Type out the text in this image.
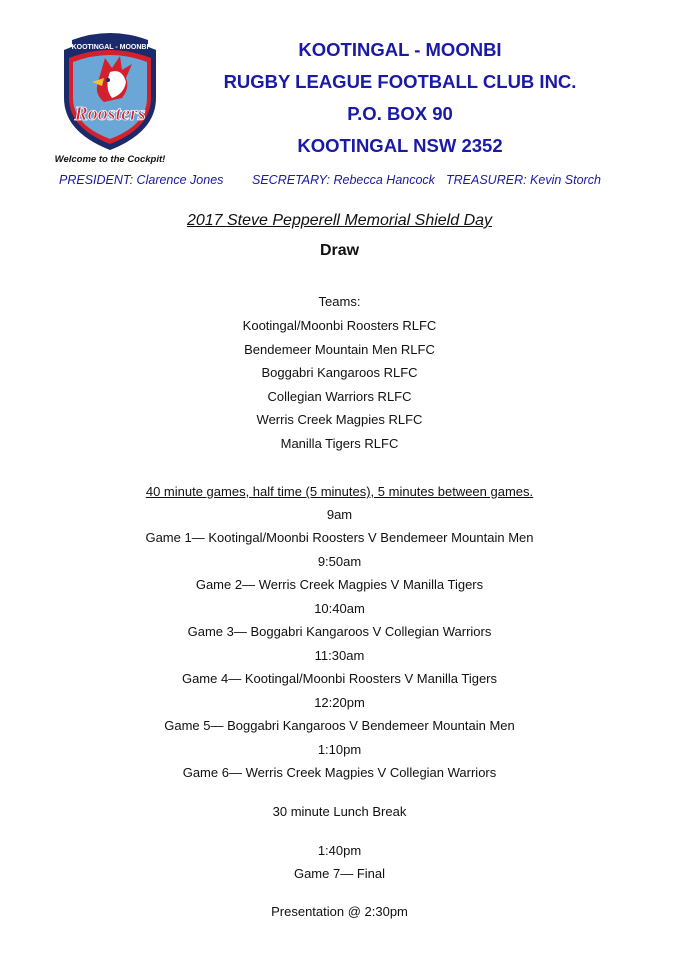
KOOTINGAL - MOONBI
Roosters
Welcome to the Cockpit!
KOOTINGAL - MOONBI
RUGBY LEAGUE FOOTBALL CLUB INC.
P.O. BOX 90
KOOTINGAL NSW 2352
PRESIDENT: Clarence Jones SECRETARY: Rebecca Hancock TREASURER: Kevin Storch
2017 Steve Pepperell Memorial Shield Day
Draw
Teams:
Kootingal/Moonbi Roosters RLFC
Bendemeer Mountain Men RLFC
Boggabri Kangaroos RLFC
Collegian Warriors RLFC
Werris Creek Magpies RLFC
Manilla Tigers RLFC
40 minute games, half time (5 minutes), 5 minutes between games.
9am
Game 1— Kootingal/Moonbi Roosters V Bendemeer Mountain Men
9:50am
Game 2— Werris Creek Magpies V Manilla Tigers
10:40am
Game 3— Boggabri Kangaroos V Collegian Warriors
11:30am
Game 4— Kootingal/Moonbi Roosters V Manilla Tigers
12:20pm
Game 5— Boggabri Kangaroos V Bendemeer Mountain Men
1:10pm
Game 6— Werris Creek Magpies V Collegian Warriors
30 minute Lunch Break
1:40pm
Game 7— Final
Presentation @ 2:30pm
